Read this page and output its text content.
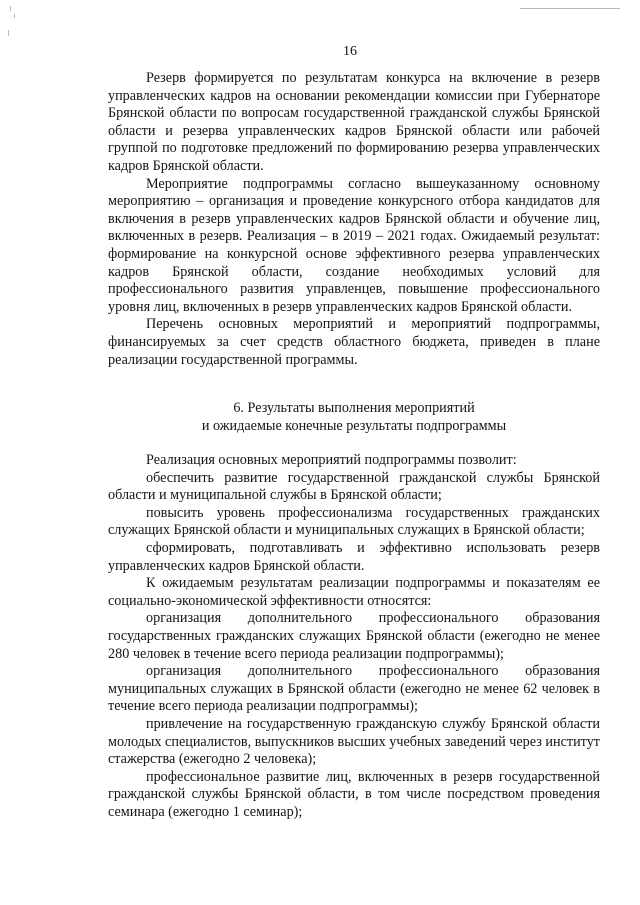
16

Резерв формируется по результатам конкурса на включение в резерв управленческих кадров на основании рекомендации комиссии при Губернаторе Брянской области по вопросам государственной гражданской службы Брянской области и резерва управленческих кадров Брянской области или рабочей группой по подготовке предложений по формированию резерва управленческих кадров Брянской области.

Мероприятие подпрограммы согласно вышеуказанному основному мероприятию – организация и проведение конкурсного отбора кандидатов для включения в резерв управленческих кадров Брянской области и обучение лиц, включенных в резерв. Реализация – в 2019 – 2021 годах. Ожидаемый результат: формирование на конкурсной основе эффективного резерва управленческих кадров Брянской области, создание необходимых условий для профессионального развития управленцев, повышение профессионального уровня лиц, включенных в резерв управленческих кадров Брянской области.

Перечень основных мероприятий и мероприятий подпрограммы, финансируемых за счет средств областного бюджета, приведен в плане реализации государственной программы.

6. Результаты выполнения мероприятий

и ожидаемые конечные результаты подпрограммы

Реализация основных мероприятий подпрограммы позволит:

обеспечить развитие государственной гражданской службы Брянской области и муниципальной службы в Брянской области;

повысить уровень профессионализма государственных гражданских служащих Брянской области и муниципальных служащих в Брянской области;

сформировать, подготавливать и эффективно использовать резерв управленческих кадров Брянской области.

К ожидаемым результатам реализации подпрограммы и показателям ее социально-экономической эффективности относятся:

организация дополнительного профессионального образования государственных гражданских служащих Брянской области (ежегодно не менее 280 человек в течение всего периода реализации подпрограммы);

организация дополнительного профессионального образования муниципальных служащих в Брянской области (ежегодно не менее 62 человек в течение всего периода реализации подпрограммы);

привлечение на государственную гражданскую службу Брянской области молодых специалистов, выпускников высших учебных заведений через институт стажерства (ежегодно 2 человека);

профессиональное развитие лиц, включенных в резерв государственной гражданской службы Брянской области, в том числе посредством проведения семинара (ежегодно 1 семинар);
